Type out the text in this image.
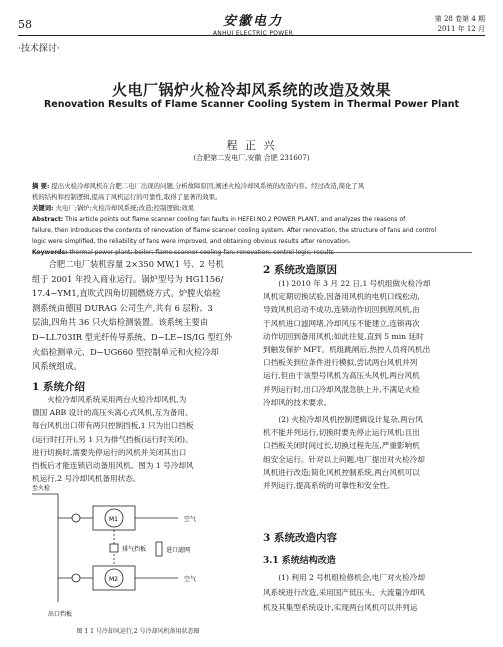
58	安徽电力
ANHUI ELECTRIC POWER
第 28 卷第 4 期
2011 年 12 月
·技术探讨·
火电厂锅炉火检冷却风系统的改造及效果
Renovation Results of Flame Scanner Cooling System in Thermal Power Plant
程 正 兴
(合肥第二发电厂,安徽 合肥 231607)
摘 要: 提出火检冷却风机在合肥二电厂出现的问题,分析故障原因,阐述火检冷却风系统的改造内容。经过改造,简化了风
机的结构和控制逻辑,提高了风机运行的可靠性,取得了显著的效果。
关键词: 火电厂;锅炉;火检冷却风系统;改造;控制逻辑;效果
Abstract: This article points out flame scanner cooling fan faults in HEFEI NO.2 POWER PLANT, and analyzes the reasons of
failure, then introduces the contents of renovation of flame scanner cooling system. After renovation, the structure of fans and control
logic were simplified, the reliability of fans were improved, and obtaining obvious results after renovation.
Keywords: thermal power plant; boiler; flame scanner cooling fan; renovation; control logic; results

合肥二电厂装机容量 2×350 MW,1 号、2 号机

组于 2001 年投入商业运行。锅炉型号为 HG1156/
17.4−YM1,直吹式四角切圆燃烧方式。炉膛火焰检
测系统由德国 DURAG 公司生产,共有 6 层粉、3
层油,四角共 36 只火焰检测装置。该系统主要由
D−LL703IR 型光纤传导系统、D−LE−IS/IG 型红外
火焰检测单元、D−UG660 型控制单元和火检冷却
风系统组成。
1 系统介绍

火检冷却风系统采用两台火检冷却风机,为

德国 ABB 设计的高压头离心式风机,互为备用。
每台风机出口带有两只控制挡板,1 只为出口挡板
(运行时打开),另 1 只为排气挡板(运行时关闭)。
进行切换时,需要先停运行的风机并关闭其出口
挡板后才能连锁启动备用风机。图为 1 号冷却风
机运行,2 号冷却风机备用状态。
至火检
M1
M2
空气
空气
排气挡板	进口滤网
出口挡板
图 1 1 号冷却风运行,2 号冷却风机备用状态图
2 系统改造原因

(1) 2010 年 3 月 22 日,1 号机组做火检冷却

风机定期切换试验,因备用风机的电机口线松动,
导致风机启动不成功,连锁动作切回到原风机,由
于风机进口滤网堵,冷却风压不能建立,连锁再次
动作切回到备用风机;如此往复,直到 5 min 延时
到触发保护 MFT。机组跳闸后,热控人员将风机出
口挡板关到位条件进行模拟,尝试两台风机并列
运行,但由于该型号风机为高压头风机,两台风机
并列运行时,出口冷却风混急肤上升,不满足火检
冷却风的技术要求。

(2) 火检冷却风机控制逻辑设计复杂,两台风

机不能并列运行,切换时要先停止运行风机;且出
口挡板关闭时间过长,切换过程先压,严重影响机
组安全运行。针对以上问题,电厂提出对火检冷却
风机进行改造;简化风机控制系统,两台风机可以
并列运行,提高系统的可靠性和安全性。
3 系统改造内容
3.1 系统结构改造

(1) 利用 2 号机组检修机会,电厂对火检冷却

风系统进行改造,采用国产低压头、大流量冷却风
机及其集型系统设计,实现两台风机可以并列运
